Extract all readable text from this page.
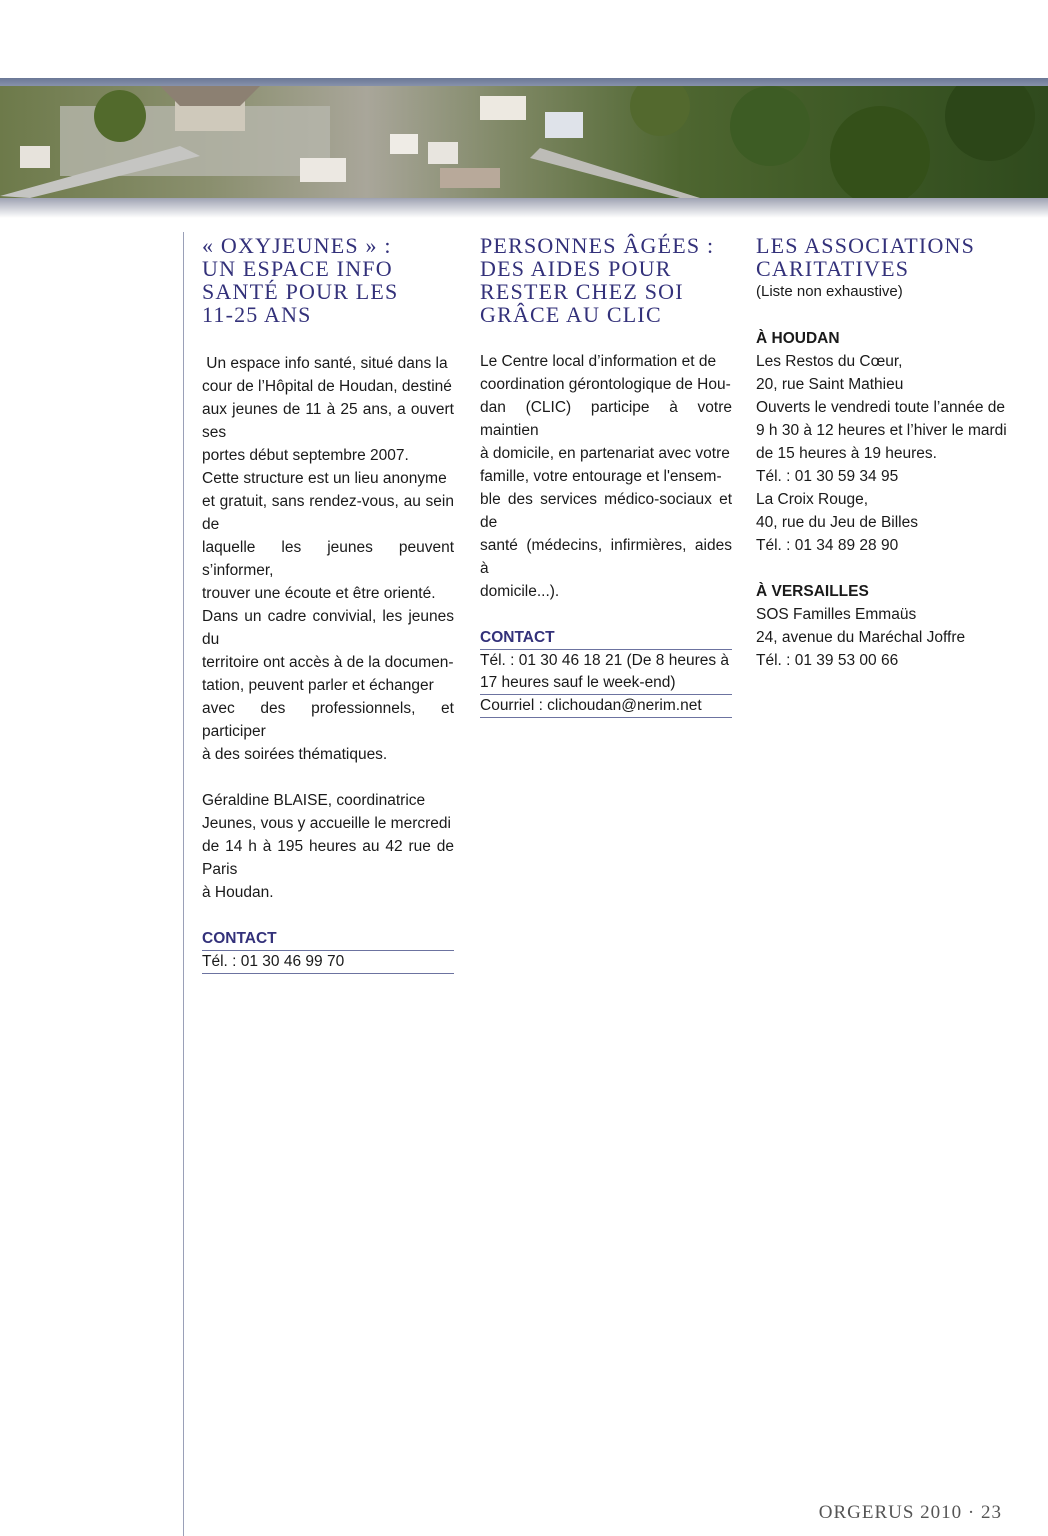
« OXYJEUNES » :
UN ESPACE INFO
SANTÉ POUR LES
11-25 ANS

Un espace info santé, situé dans la
cour de l’Hôpital de Houdan, destiné
aux jeunes de 11 à 25 ans, a ouvert ses
portes début septembre 2007.
Cette structure est un lieu anonyme
et gratuit, sans rendez-vous, au sein de
laquelle les jeunes peuvent s’informer,
trouver une écoute et être orienté.
Dans un cadre convivial, les jeunes du
territoire ont accès à de la documen-
tation, peuvent parler et échanger
avec des professionnels, et participer
à des soirées thématiques.

Géraldine BLAISE, coordinatrice
Jeunes, vous y accueille le mercredi
de 14 h à 195 heures au 42 rue de Paris
à Houdan.

CONTACT
Tél. : 01 30 46 99 70
PERSONNES ÂGÉES :
DES AIDES POUR
RESTER CHEZ SOI
GRÂCE AU CLIC

Le Centre local d’information et de
coordination gérontologique de Hou-
dan (CLIC) participe à votre maintien
à domicile, en partenariat avec votre
famille, votre entourage et l'ensem-
ble des services médico-sociaux et de
santé (médecins, infirmières, aides à
domicile...).

CONTACT
Tél. : 01 30 46 18 21 (De 8 heures à
17 heures sauf le week-end)
Courriel : clichoudan@nerim.net
LES ASSOCIATIONS
CARITATIVES
(Liste non exhaustive)
À HOUDAN
Les Restos du Cœur,
20, rue Saint Mathieu
Ouverts le vendredi toute l’année de
9 h 30 à 12 heures et l’hiver le mardi
de 15 heures à 19 heures.
Tél. : 01 30 59 34 95
La Croix Rouge,
40, rue du Jeu de Billes
Tél. : 01 34 89 28 90
À VERSAILLES
SOS Familles Emmaüs
24, avenue du Maréchal Joffre
Tél. : 01 39 53 00 66
ORGERUS 2010 · 23
